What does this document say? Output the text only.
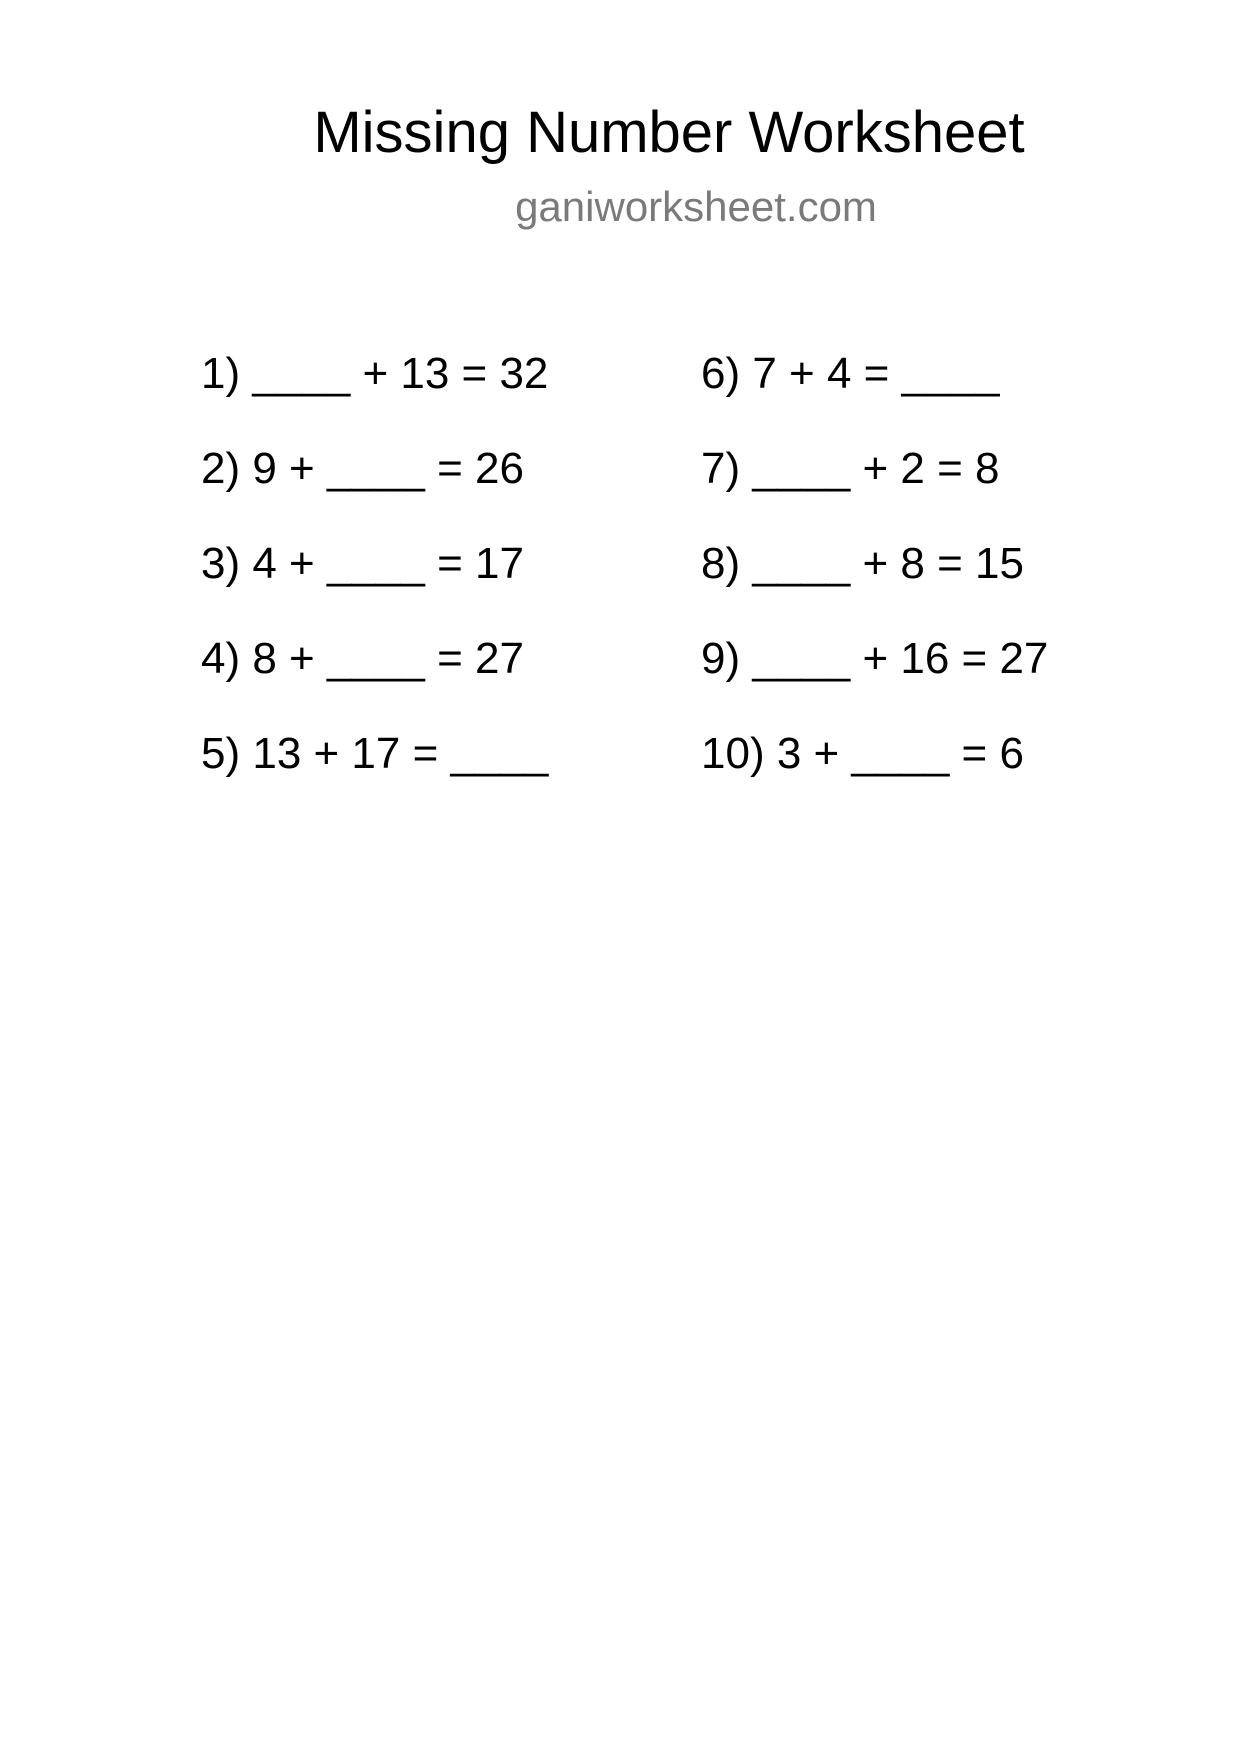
Missing Number Worksheet
ganiworksheet.com
1) ____ + 13 = 32
2) 9 + ____ = 26
3) 4 + ____ = 17
4) 8 + ____ = 27
5) 13 + 17 = ____
6) 7 + 4 = ____
7) ____ + 2 = 8
8) ____ + 8 = 15
9) ____ + 16 = 27
10) 3 + ____ = 6
